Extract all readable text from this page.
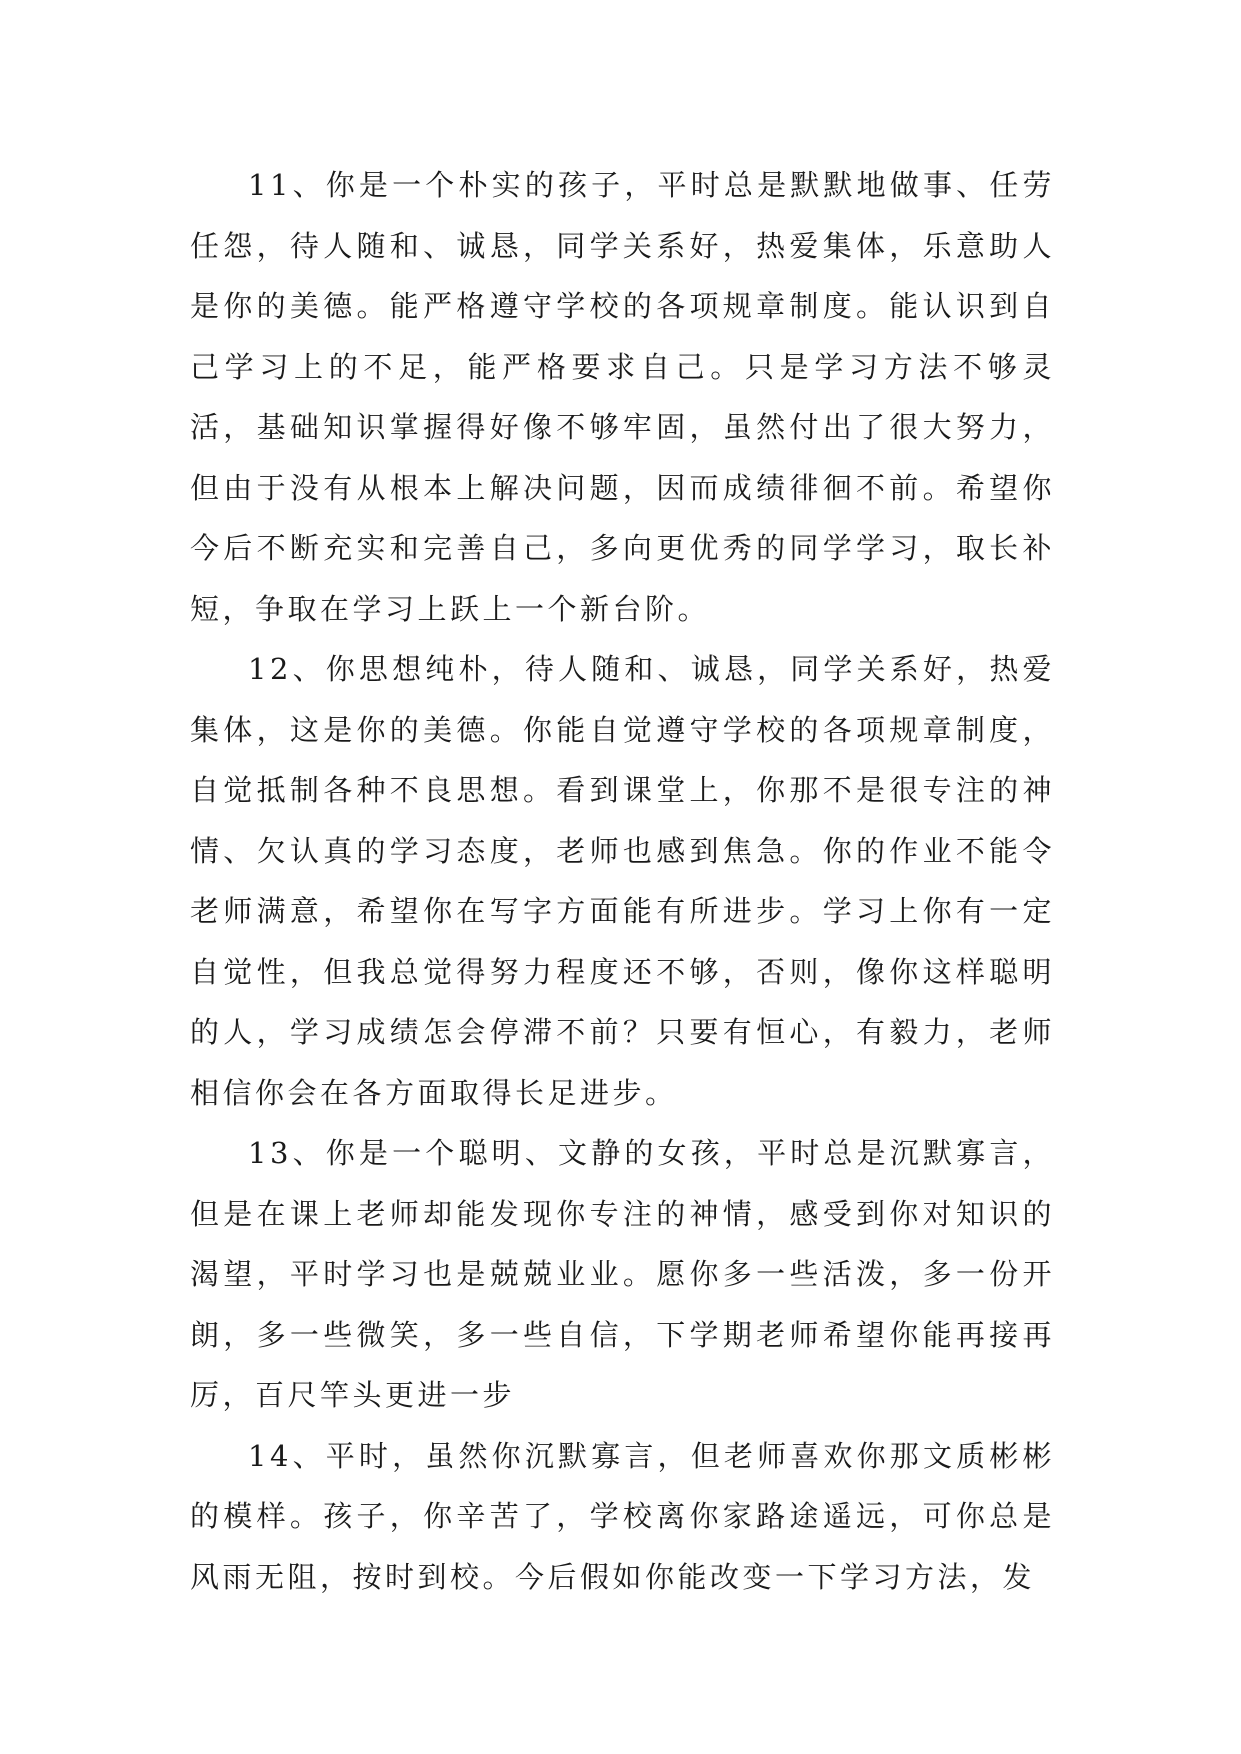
11、你是一个朴实的孩子，平时总是默默地做事、任劳任怨，待人随和、诚恳，同学关系好，热爱集体，乐意助人是你的美德。能严格遵守学校的各项规章制度。能认识到自己学习上的不足，能严格要求自己。只是学习方法不够灵活，基础知识掌握得好像不够牢固，虽然付出了很大努力，但由于没有从根本上解决问题，因而成绩徘徊不前。希望你今后不断充实和完善自己，多向更优秀的同学学习，取长补短，争取在学习上跃上一个新台阶。

12、你思想纯朴，待人随和、诚恳，同学关系好，热爱集体，这是你的美德。你能自觉遵守学校的各项规章制度，自觉抵制各种不良思想。看到课堂上，你那不是很专注的神情、欠认真的学习态度，老师也感到焦急。你的作业不能令老师满意，希望你在写字方面能有所进步。学习上你有一定自觉性，但我总觉得努力程度还不够，否则，像你这样聪明的人，学习成绩怎会停滞不前？只要有恒心，有毅力，老师相信你会在各方面取得长足进步。

13、你是一个聪明、文静的女孩，平时总是沉默寡言，但是在课上老师却能发现你专注的神情，感受到你对知识的渴望，平时学习也是兢兢业业。愿你多一些活泼，多一份开朗，多一些微笑，多一些自信，下学期老师希望你能再接再厉，百尺竿头更进一步

14、平时，虽然你沉默寡言，但老师喜欢你那文质彬彬的模样。孩子，你辛苦了，学校离你家路途遥远，可你总是风雨无阻，按时到校。今后假如你能改变一下学习方法，发
